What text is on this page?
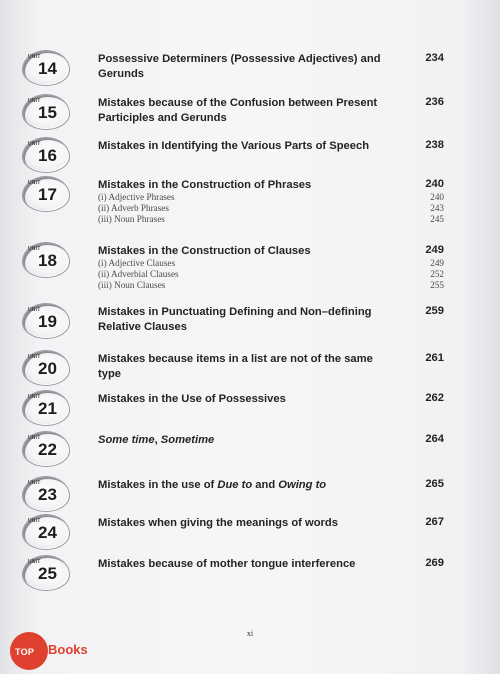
UNIT
14	Possessive Determiners (Possessive Adjectives) and
Gerunds
234
UNIT
15	Mistakes because of the Confusion between Present
Participles and Gerunds
236
UNIT
16	Mistakes in Identifying the Various Parts of Speech	238
UNIT
17	Mistakes in the Construction of Phrases	240
(i) Adjective Phrases	240
(ii) Adverb Phrases	243
(iii) Noun Phrases	245
UNIT
18	Mistakes in the Construction of Clauses	249
(i) Adjective Clauses	249
(ii) Adverbial Clauses	252
(iii) Noun Clauses	255
UNIT
19	Mistakes in Punctuating Defining and Non–defining
Relative Clauses
259
UNIT
20	Mistakes because items in a list are not of the same type
261
UNIT
21	Mistakes in the Use of Possessives	262
UNIT
22	Some time, Sometime	264
UNIT
23	Mistakes in the use of Due to and Owing to	265
UNIT
24	Mistakes when giving the meanings of words	267
UNIT
25	Mistakes because of mother tongue interference	269
xi
TOP Books
